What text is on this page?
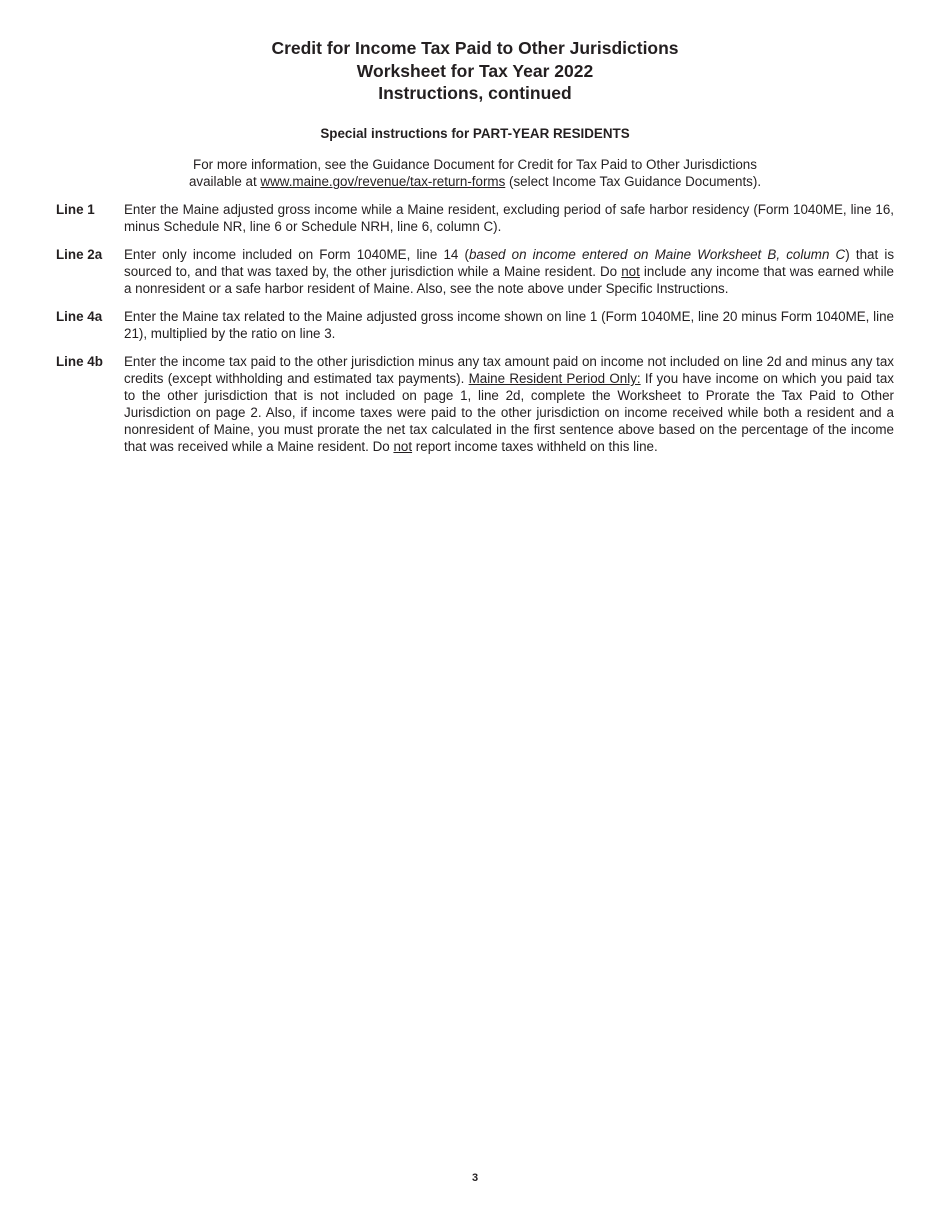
Credit for Income Tax Paid to Other Jurisdictions
Worksheet for Tax Year 2022
Instructions, continued
Special instructions for PART-YEAR RESIDENTS
For more information, see the Guidance Document for Credit for Tax Paid to Other Jurisdictions
available at www.maine.gov/revenue/tax-return-forms (select Income Tax Guidance Documents).
Line 1	Enter the Maine adjusted gross income while a Maine resident, excluding period of safe harbor residency (Form 1040ME, line 16, minus Schedule NR, line 6 or Schedule NRH, line 6, column C).
Line 2a	Enter only income included on Form 1040ME, line 14 (based on income entered on Maine Worksheet B, column C) that is sourced to, and that was taxed by, the other jurisdiction while a Maine resident. Do not include any income that was earned while a nonresident or a safe harbor resident of Maine. Also, see the note above under Specific Instructions.
Line 4a	Enter the Maine tax related to the Maine adjusted gross income shown on line 1 (Form 1040ME, line 20 minus Form 1040ME, line 21), multiplied by the ratio on line 3.
Line 4b	Enter the income tax paid to the other jurisdiction minus any tax amount paid on income not included on line 2d and minus any tax credits (except withholding and estimated tax payments). Maine Resident Period Only: If you have income on which you paid tax to the other jurisdiction that is not included on page 1, line 2d, complete the Worksheet to Prorate the Tax Paid to Other Jurisdiction on page 2. Also, if income taxes were paid to the other jurisdiction on income received while both a resident and a nonresident of Maine, you must prorate the net tax calculated in the first sentence above based on the percentage of the income that was received while a Maine resident. Do not report income taxes withheld on this line.
3
